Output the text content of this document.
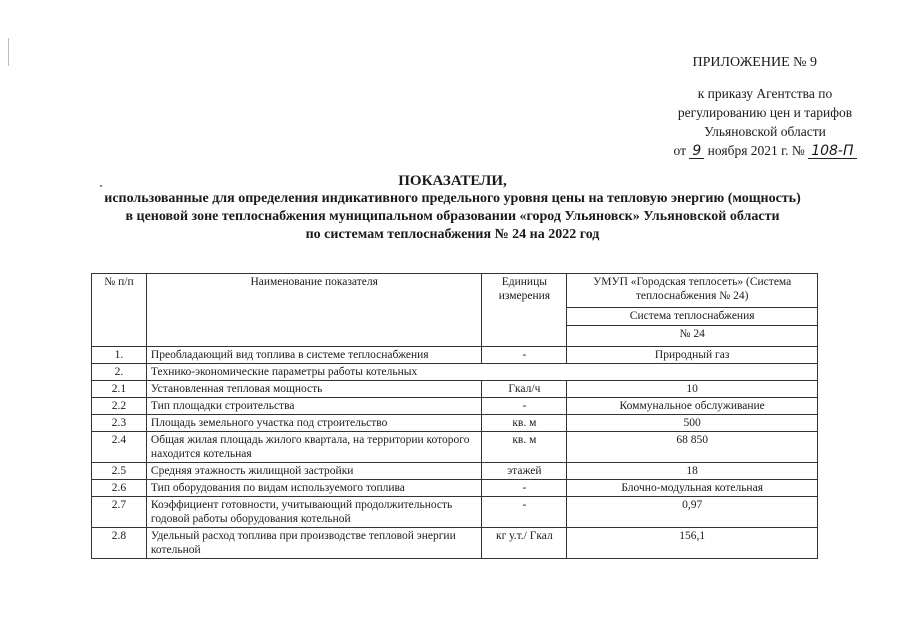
ПРИЛОЖЕНИЕ № 9
к приказу Агентства по
регулированию цен и тарифов
Ульяновской области
от 9 ноября 2021 г. № 108-П
ПОКАЗАТЕЛИ,
использованные для определения индикативного предельного уровня цены на тепловую энергию (мощность)
в ценовой зоне теплоснабжения муниципальном образовании «город Ульяновск» Ульяновской области
по системам теплоснабжения № 24 на 2022 год
№ п/п	Наименование показателя	Единицы измерения	УМУП «Городская теплосеть» (Система теплоснабжения № 24)
			Система теплоснабжения
			№ 24
1.	Преобладающий вид топлива в системе теплоснабжения	-	Природный газ
2.	Технико-экономические параметры работы котельных		
2.1	Установленная тепловая мощность	Гкал/ч	10
2.2	Тип площадки строительства	-	Коммунальное обслуживание
2.3	Площадь земельного участка под строительство	кв. м	500
2.4	Общая жилая площадь жилого квартала, на территории которого находится котельная	кв. м	68 850
2.5	Средняя этажность жилищной застройки	этажей	18
2.6	Тип оборудования по видам используемого топлива	-	Блочно-модульная котельная
2.7	Коэффициент готовности, учитывающий продолжительность годовой работы оборудования котельной	-	0,97
2.8	Удельный расход топлива при производстве тепловой энергии котельной	кг у.т./ Гкал	156,1
